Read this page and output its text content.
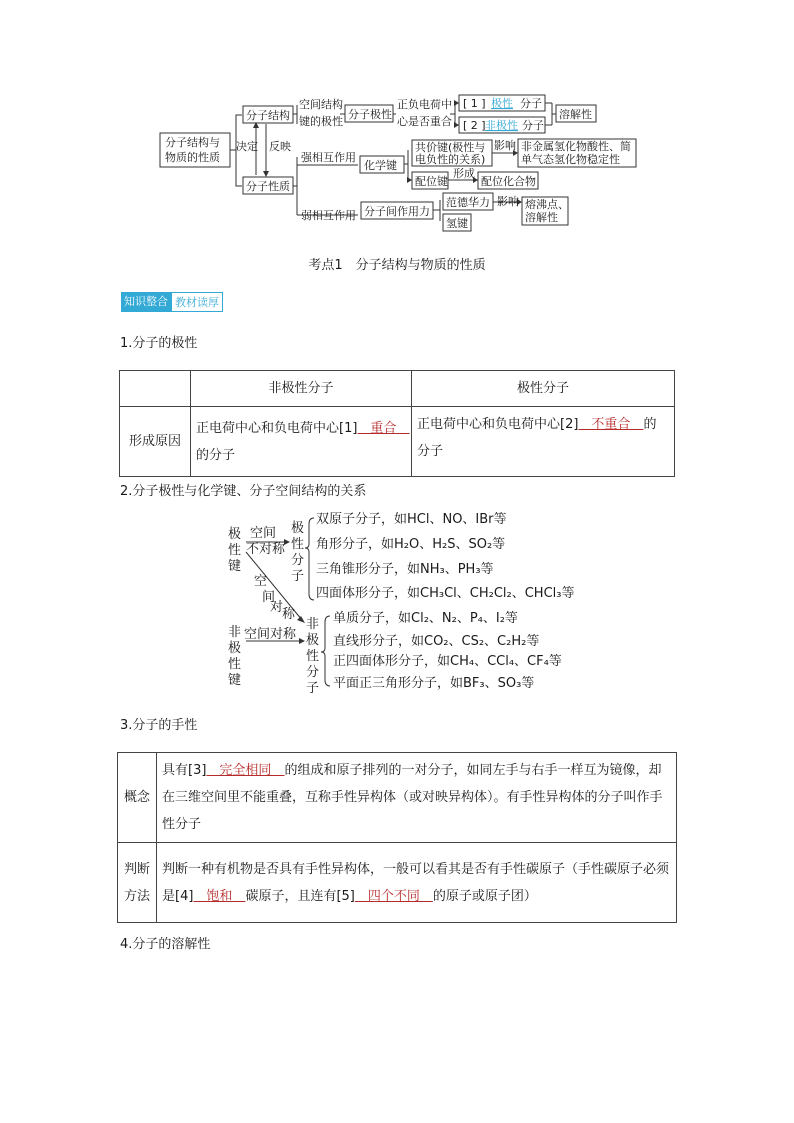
分子结构与
物质的性质
分子结构
分子性质
决定 反映
空间结构
键的极性
分子极性
正负电荷中
心是否重合
[ 1 ] 极性 分子
[ 2 ] 非极性 分子
溶解性
强相互作用
化学键
共价键(极性与
电负性的关系)
影响 非金属氢化物酸性、简
单气态氢化物稳定性
配位键
形成
配位化合物
弱相互作用 分子间作用力
范德华力
氢键
影响 熔沸点、
溶解性
考点1　分子结构与物质的性质
知识整合 教材读厚
1.分子的极性
	非极性分子	极性分子
形成原因	正电荷中心和负电荷中心[1]　重合　的分子	正电荷中心和负电荷中心[2]　不重合　的分子
2.分子极性与化学键、分子空间结构的关系
极
性
键
空间
不对称
极
性
分
子
空
间
对
称
双原子分子，如HCl、NO、IBr等
角形分子，如H₂O、H₂S、SO₂等
三角锥形分子，如NH₃、PH₃等
四面体形分子，如CH₃Cl、CH₂Cl₂、CHCl₃等
非
极
性
键
空间对称
非
极
性
分
子
单质分子，如Cl₂、N₂、P₄、I₂等
直线形分子，如CO₂、CS₂、C₂H₂等
正四面体形分子，如CH₄、CCl₄、CF₄等
平面正三角形分子，如BF₃、SO₃等
3.分子的手性
概念	具有[3]　完全相同　的组成和原子排列的一对分子，如同左手与右手一样互为镜像，却在三维空间里不能重叠，互称手性异构体（或对映异构体）。有手性异构体的分子叫作手性分子
判断方法	判断一种有机物是否具有手性异构体，一般可以看其是否有手性碳原子（手性碳原子必须是[4]　饱和　碳原子，且连有[5]　四个不同　的原子或原子团）
4.分子的溶解性
